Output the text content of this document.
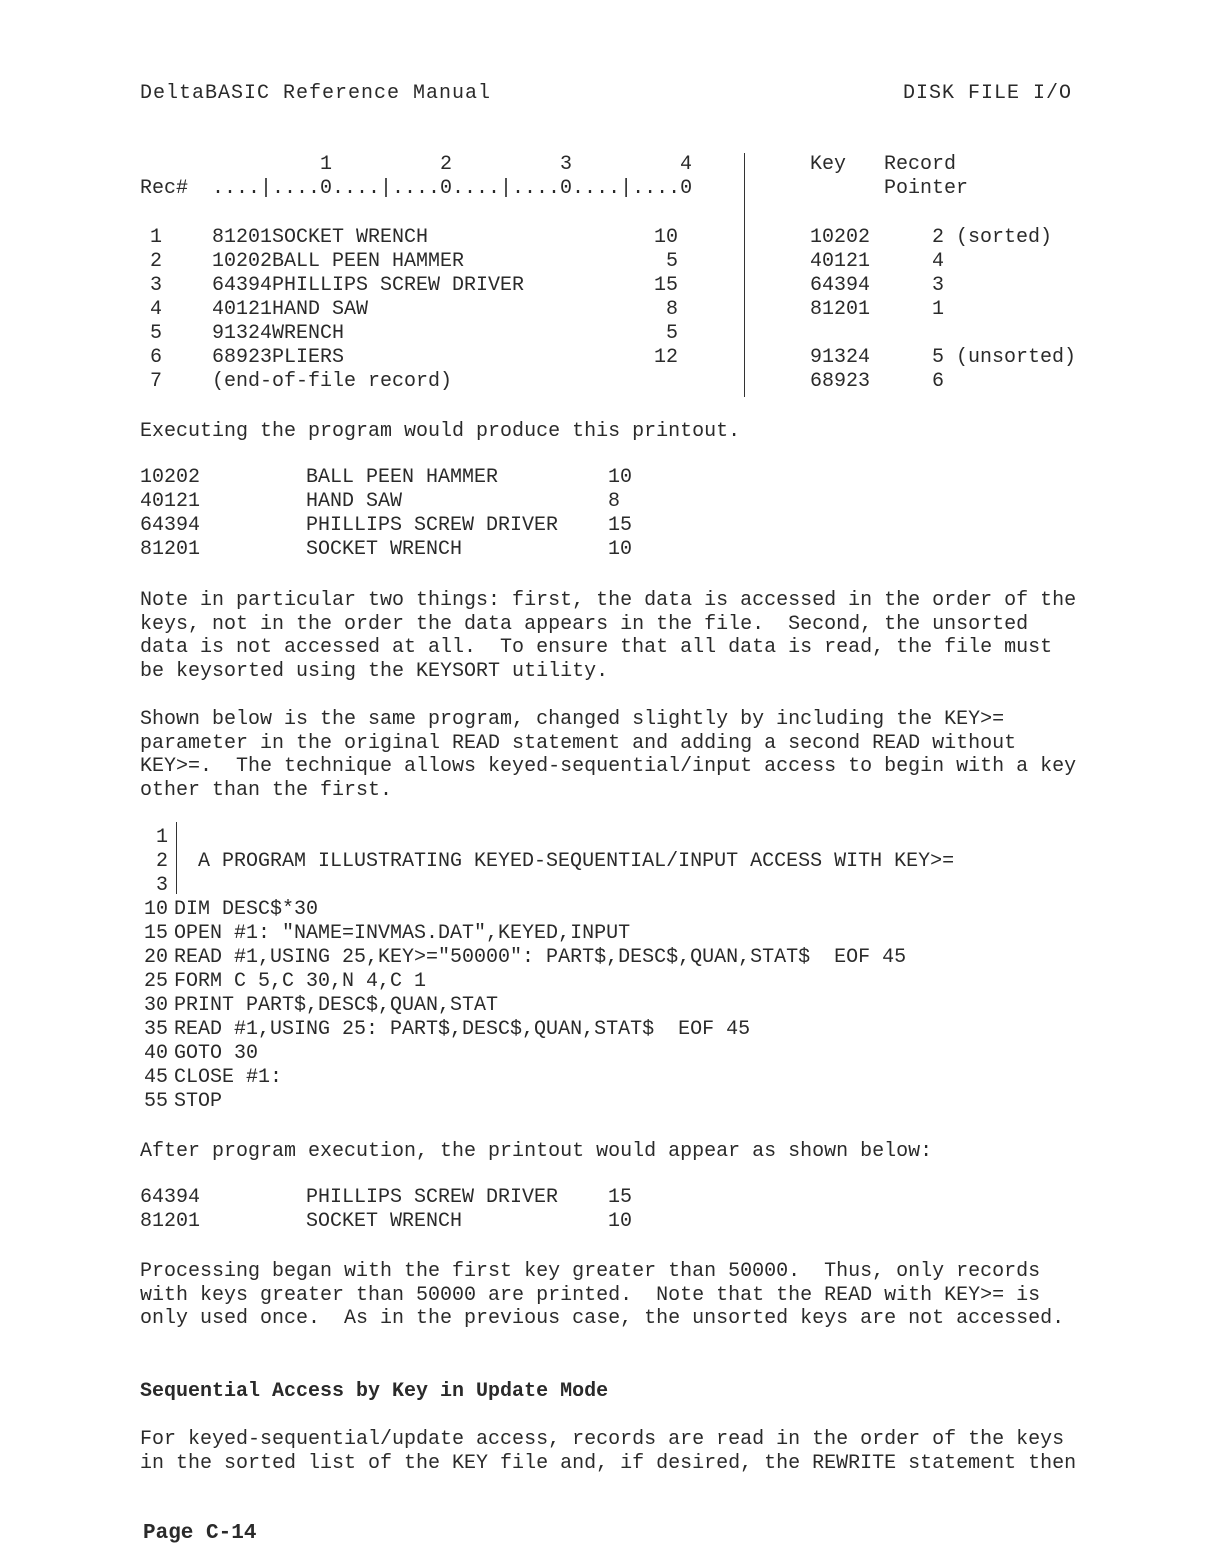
DeltaBASIC Reference Manual	DISK FILE I/O

1

	2

	3

	4

Rec# ....|....0....|....0....|....0....|....0
Key Record
Pointer
1 81201SOCKET WRENCH	10
2 10202BALL PEEN HAMMER	5
3 64394PHILLIPS SCREW DRIVER	15
4 40121HAND SAW	8
5 91324WRENCH	5
6 68923PLIERS	12
7 (end-of-file record)
10202	2 (sorted)
40121	4
64394	3
81201	1
91324	5 (unsorted)
68923	6
Executing the program would produce this printout.
10202	BALL PEEN HAMMER	10
40121	HAND SAW	8
64394	PHILLIPS SCREW DRIVER 15
81201	SOCKET WRENCH	10
Note in particular two things: first, the data is accessed in the order of the
keys, not in the order the data appears in the file.  Second, the unsorted
data is not accessed at all.  To ensure that all data is read, the file must
be keysorted using the KEYSORT utility.
Shown below is the same program, changed slightly by including the KEY>=
parameter in the original READ statement and adding a second READ without
KEY>=.  The technique allows keyed-sequential/input access to begin with a key
other than the first.
1
2 A PROGRAM ILLUSTRATING KEYED-SEQUENTIAL/INPUT ACCESS WITH KEY>=
3
10 DIM DESC$*30
15 OPEN #1: "NAME=INVMAS.DAT",KEYED,INPUT
20 READ #1,USING 25,KEY>="50000": PART$,DESC$,QUAN,STAT$  EOF 45
25 FORM C 5,C 30,N 4,C 1
30 PRINT PART$,DESC$,QUAN,STAT
35 READ #1,USING 25: PART$,DESC$,QUAN,STAT$  EOF 45
40 GOTO 30
45 CLOSE #1:
55 STOP
After program execution, the printout would appear as shown below:
64394	PHILLIPS SCREW DRIVER 15
81201	SOCKET WRENCH	10
Processing began with the first key greater than 50000.  Thus, only records
with keys greater than 50000 are printed.  Note that the READ with KEY>= is
only used once.  As in the previous case, the unsorted keys are not accessed.
Sequential Access by Key in Update Mode
For keyed-sequential/update access, records are read in the order of the keys
in the sorted list of the KEY file and, if desired, the REWRITE statement then
Page C-14
